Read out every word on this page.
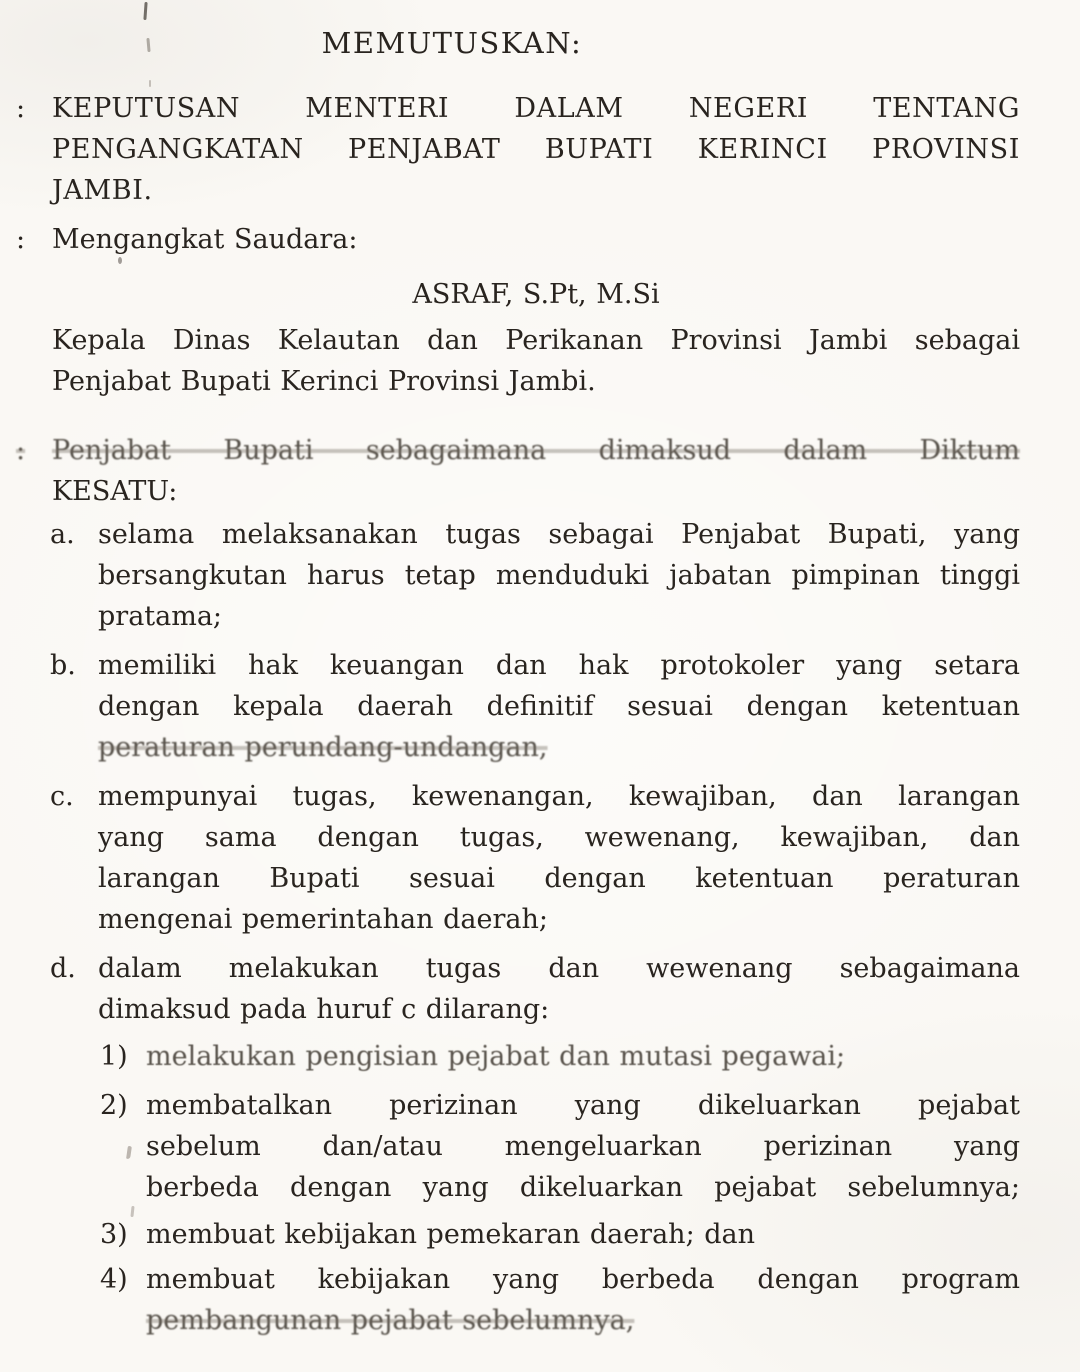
MEMUTUSKAN:
: KEPUTUSAN MENTERI DALAM NEGERI TENTANG
PENGANGKATAN PENJABAT BUPATI KERINCI PROVINSI
JAMBI.
: Mengangkat Saudara:
ASRAF, S.Pt, M.Si
Kepala Dinas Kelautan dan Perikanan Provinsi Jambi sebagai
Penjabat Bupati Kerinci Provinsi Jambi.
: Penjabat Bupati sebagaimana dimaksud dalam Diktum
KESATU:
a. selama melaksanakan tugas sebagai Penjabat Bupati, yang
bersangkutan harus tetap menduduki jabatan pimpinan tinggi
pratama;
b. memiliki hak keuangan dan hak protokoler yang setara
dengan kepala daerah definitif sesuai dengan ketentuan
peraturan perundang-undangan,
c. mempunyai tugas, kewenangan, kewajiban, dan larangan
yang sama dengan tugas, wewenang, kewajiban, dan
larangan Bupati sesuai dengan ketentuan peraturan
mengenai pemerintahan daerah;
d. dalam melakukan tugas dan wewenang sebagaimana
dimaksud pada huruf c dilarang:
1) melakukan pengisian pejabat dan mutasi pegawai;
2) membatalkan perizinan yang dikeluarkan pejabat
sebelum dan/atau mengeluarkan perizinan yang
berbeda dengan yang dikeluarkan pejabat sebelumnya;
3) membuat kebijakan pemekaran daerah; dan
4) membuat kebijakan yang berbeda dengan program
pembangunan pejabat sebelumnya,
